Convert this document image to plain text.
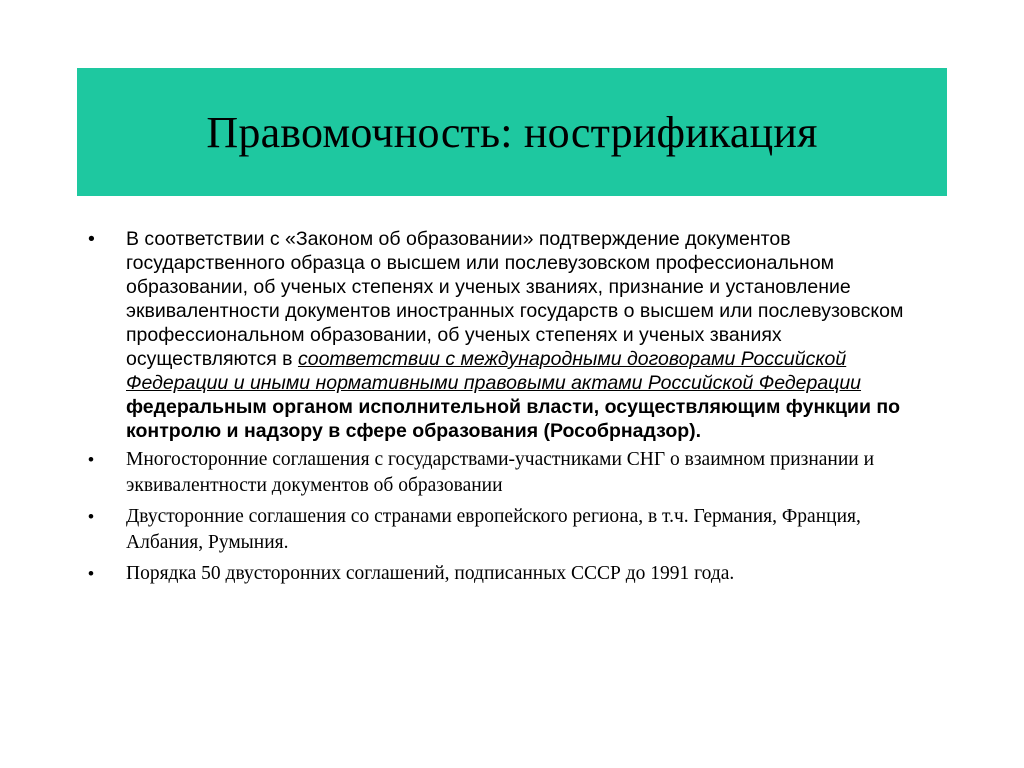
Правомочность: нострификация
• В соответствии с «Законом об образовании» подтверждение документов государственного образца о высшем или послевузовском профессиональном образовании, об ученых степенях и ученых званиях, признание и установление эквивалентности документов иностранных государств о высшем или послевузовском профессиональном образовании, об ученых степенях и ученых званиях осуществляются в соответствии с международными договорами Российской Федерации и иными нормативными правовыми актами Российской Федерации федеральным органом исполнительной власти, осуществляющим функции по контролю и надзору в сфере образования (Рособрнадзор).
• Многосторонние соглашения с государствами-участниками СНГ о взаимном признании и эквивалентности документов об образовании
• Двусторонние соглашения со странами европейского региона, в т.ч. Германия, Франция, Албания, Румыния.
• Порядка 50 двусторонних соглашений, подписанных СССР до 1991 года.
